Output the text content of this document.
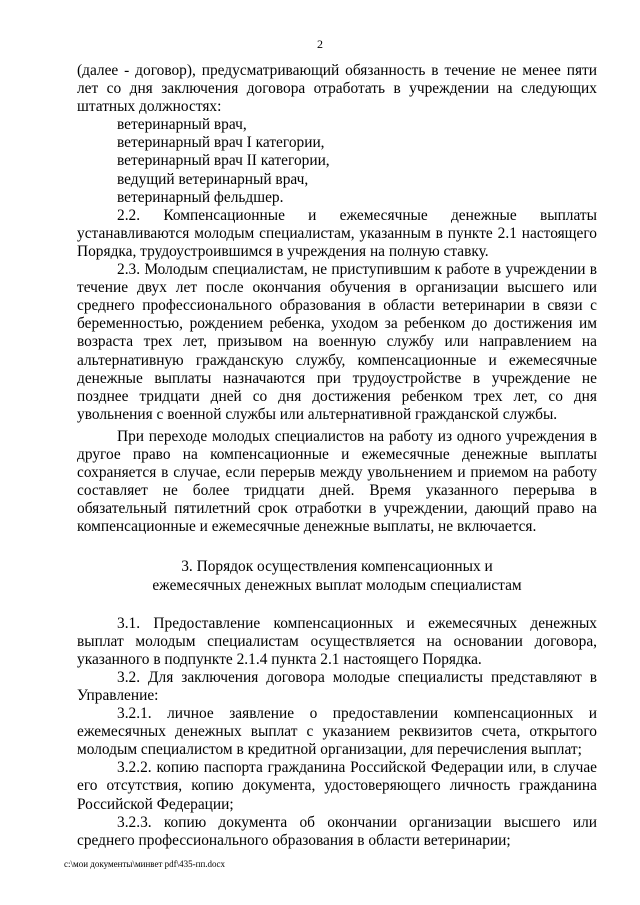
2

(далее - договор), предусматривающий обязанность в течение не менее пяти лет со дня заключения договора отработать в учреждении на следующих штатных должностях:

ветеринарный врач,

ветеринарный врач I категории,

ветеринарный врач II категории,

ведущий ветеринарный врач,

ветеринарный фельдшер.

2.2. Компенсационные и ежемесячные денежные выплаты устанавливаются молодым специалистам, указанным в пункте 2.1 настоящего Порядка, трудоустроившимся в учреждения на полную ставку.

2.3. Молодым специалистам, не приступившим к работе в учреждении в течение двух лет после окончания обучения в организации высшего или среднего профессионального образования в области ветеринарии в связи с беременностью, рождением ребенка, уходом за ребенком до достижения им возраста трех лет, призывом на военную службу или направлением на альтернативную гражданскую службу, компенсационные и ежемесячные денежные выплаты назначаются при трудоустройстве в учреждение не позднее тридцати дней со дня достижения ребенком трех лет, со дня увольнения с военной службы или альтернативной гражданской службы.

При переходе молодых специалистов на работу из одного учреждения в другое право на компенсационные и ежемесячные денежные выплаты сохраняется в случае, если перерыв между увольнением и приемом на работу составляет не более тридцати дней. Время указанного перерыва в обязательный пятилетний срок отработки в учреждении, дающий право на компенсационные и ежемесячные денежные выплаты, не включается.

3. Порядок осуществления компенсационных и

ежемесячных денежных выплат молодым специалистам

3.1. Предоставление компенсационных и ежемесячных денежных выплат молодым специалистам осуществляется на основании договора, указанного в подпункте 2.1.4 пункта 2.1 настоящего Порядка.

3.2. Для заключения договора молодые специалисты представляют в Управление:

3.2.1. личное заявление о предоставлении компенсационных и ежемесячных денежных выплат с указанием реквизитов счета, открытого молодым специалистом в кредитной организации, для перечисления выплат;

3.2.2. копию паспорта гражданина Российской Федерации или, в случае его отсутствия, копию документа, удостоверяющего личность гражданина Российской Федерации;

3.2.3. копию документа об окончании организации высшего или среднего профессионального образования в области ветеринарии;

c:\мои документы\минвет pdf\435-пп.docx
